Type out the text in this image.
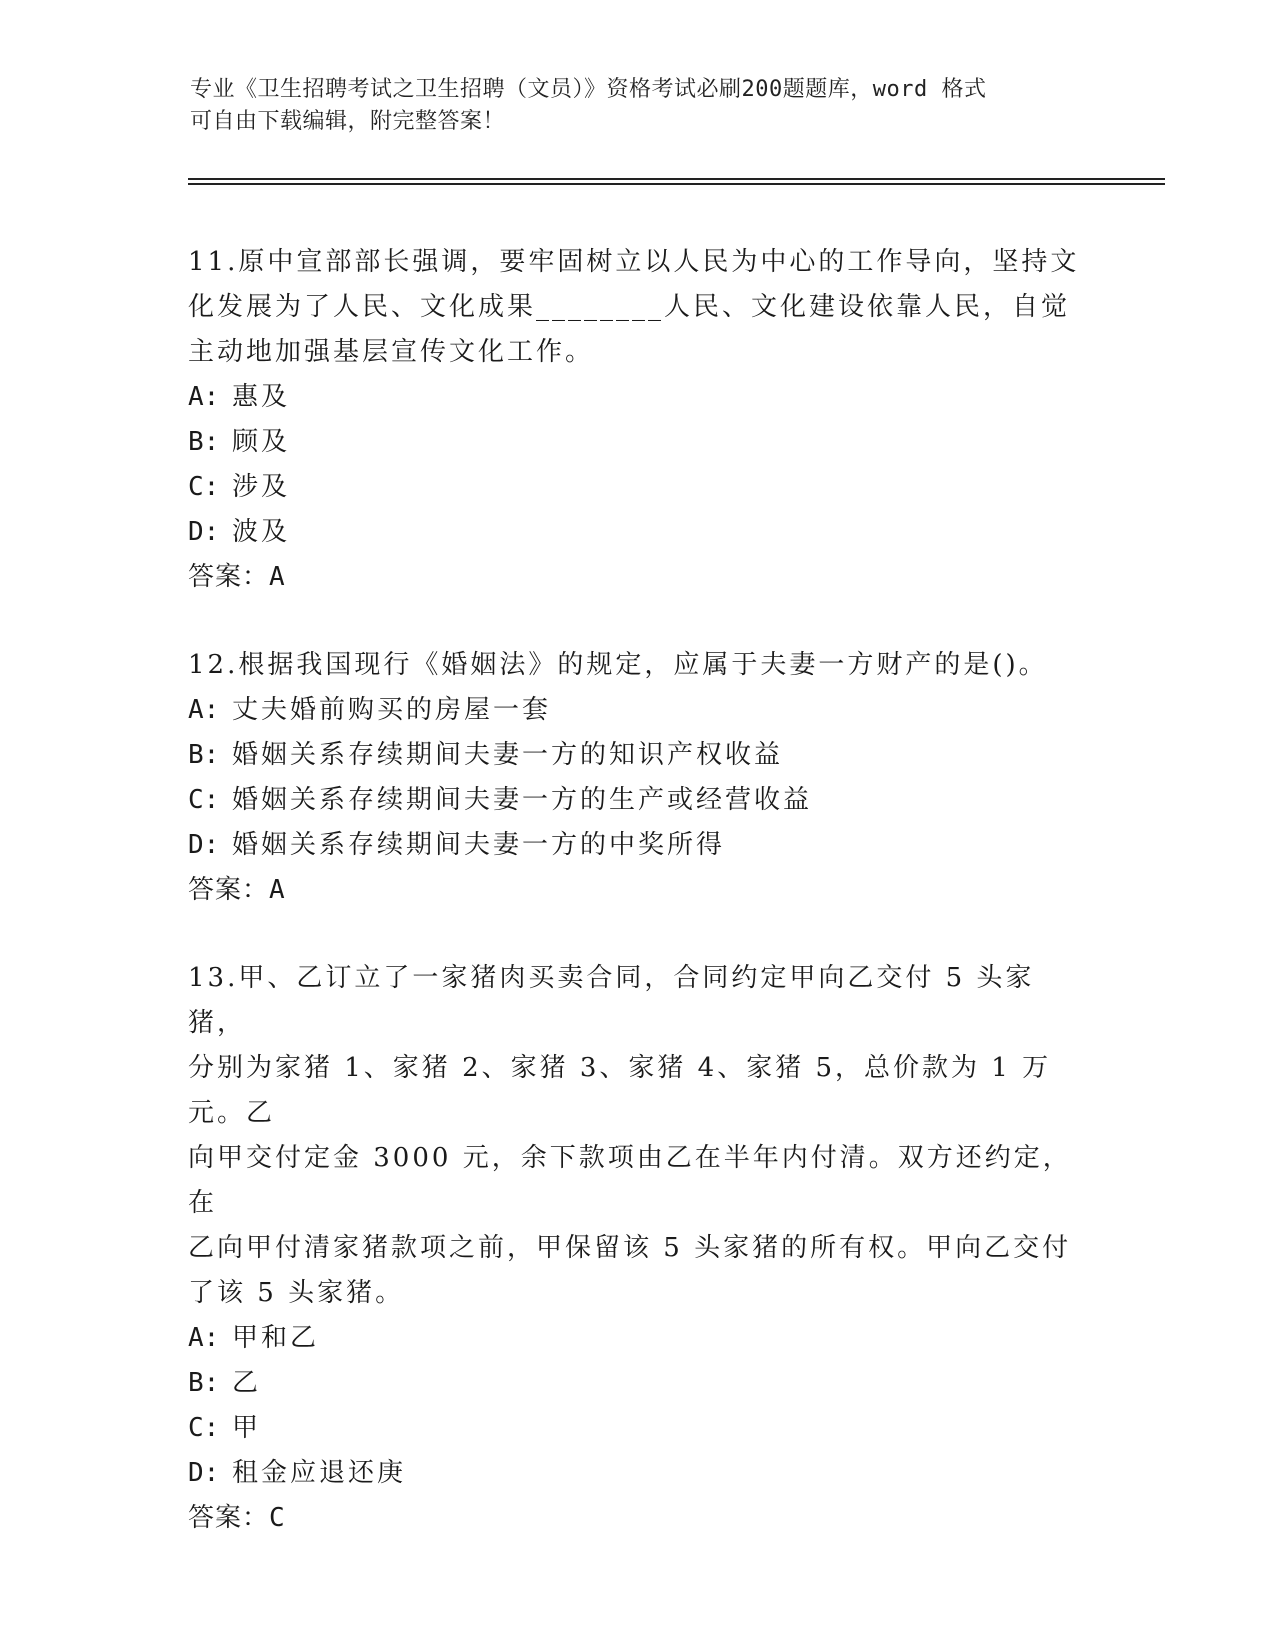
专业《卫生招聘考试之卫生招聘（文员）》资格考试必刷200题题库，word 格式
可自由下载编辑，附完整答案！
11.原中宣部部长强调，要牢固树立以人民为中心的工作导向，坚持文
化发展为了人民、文化成果________人民、文化建设依靠人民，自觉
主动地加强基层宣传文化工作。
A: 惠及
B: 顾及
C: 涉及
D: 波及
答案：A
12.根据我国现行《婚姻法》的规定，应属于夫妻一方财产的是()。
A: 丈夫婚前购买的房屋一套
B: 婚姻关系存续期间夫妻一方的知识产权收益
C: 婚姻关系存续期间夫妻一方的生产或经营收益
D: 婚姻关系存续期间夫妻一方的中奖所得
答案：A
13.甲、乙订立了一家猪肉买卖合同，合同约定甲向乙交付 5 头家猪，
分别为家猪 1、家猪 2、家猪 3、家猪 4、家猪 5，总价款为 1 万元。乙
向甲交付定金 3000 元，余下款项由乙在半年内付清。双方还约定，在
乙向甲付清家猪款项之前，甲保留该 5 头家猪的所有权。甲向乙交付
了该 5 头家猪。
A: 甲和乙
B: 乙
C: 甲
D: 租金应退还庚
答案：C
